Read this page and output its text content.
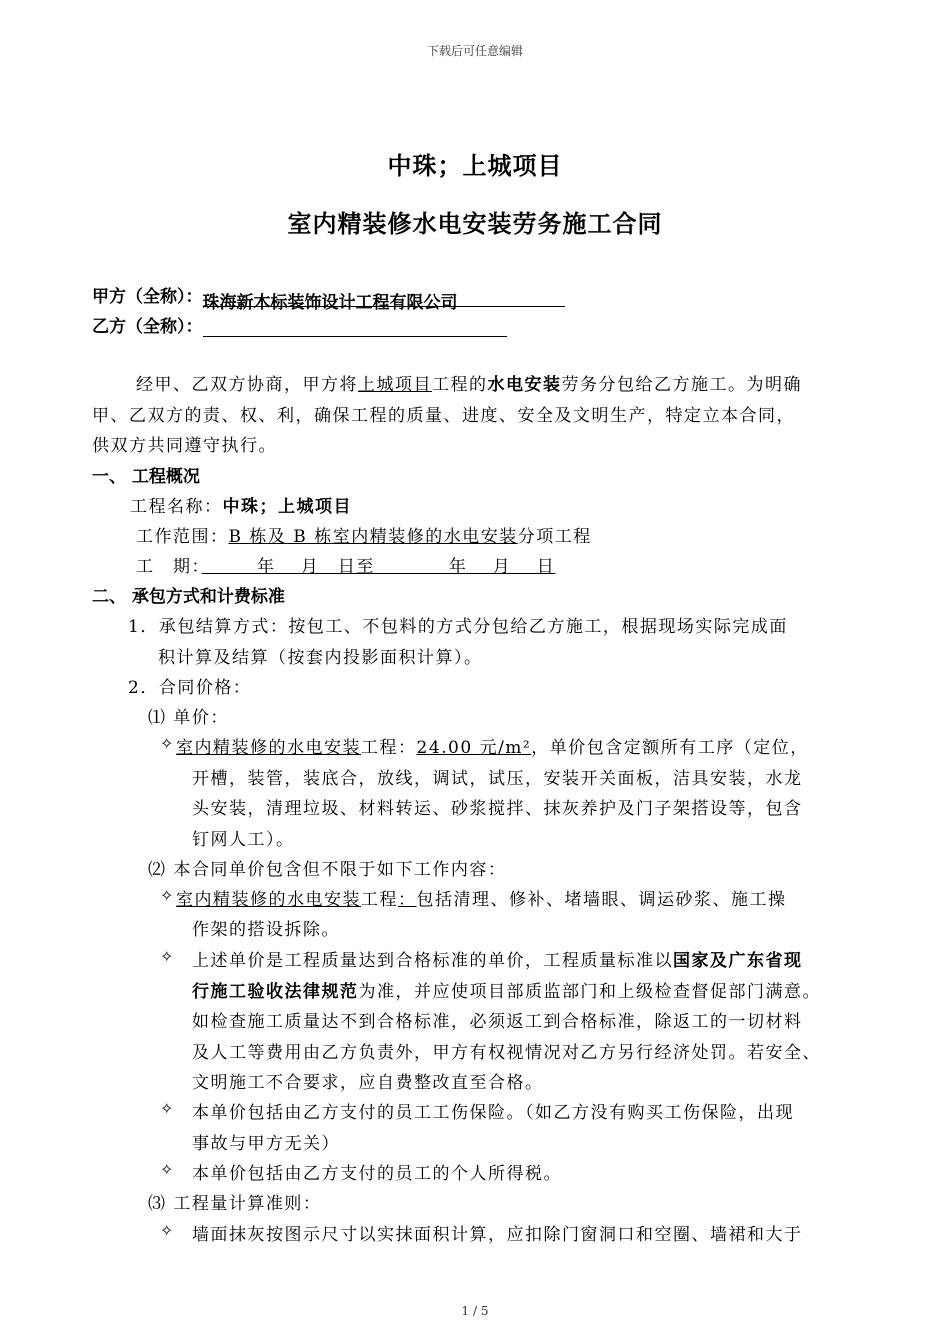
下载后可任意编辑
中珠；上城项目
室内精装修水电安装劳务施工合同
甲方（全称）：珠海新木标装饰设计工程有限公司
乙方（全称）：
经甲、乙双方协商，甲方将上城项目工程的水电安装劳务分包给乙方施工。为明确
甲、乙双方的责、权、利，确保工程的质量、进度、安全及文明生产，特定立本合同，
供双方共同遵守执行。
一、 工程概况
工程名称：中珠；上城项目
工作范围：B 栋及 B 栋室内精装修的水电安装分项工程
工　期：　　　年　 月　日至　　　　年　 月　 日
二、 承包方式和计费标准
1．承包结算方式：按包工、不包料的方式分包给乙方施工，根据现场实际完成面
积计算及结算（按套内投影面积计算）。
2．合同价格：
⑴ 单价：
✧ 室内精装修的水电安装工程：24.00 元/m²，单价包含定额所有工序（定位，
开槽，装管，装底合，放线，调试，试压，安装开关面板，洁具安装，水龙
头安装，清理垃圾、材料转运、砂浆搅拌、抹灰养护及门子架搭设等，包含
钉网人工）。
⑵ 本合同单价包含但不限于如下工作内容：
✧ 室内精装修的水电安装工程：包括清理、修补、堵墙眼、调运砂浆、施工操
作架的搭设拆除。
✧ 上述单价是工程质量达到合格标准的单价，工程质量标准以国家及广东省现
行施工验收法律规范为准，并应使项目部质监部门和上级检查督促部门满意。
如检查施工质量达不到合格标准，必须返工到合格标准，除返工的一切材料
及人工等费用由乙方负责外，甲方有权视情况对乙方另行经济处罚。若安全、
文明施工不合要求，应自费整改直至合格。
✧ 本单价包括由乙方支付的员工工伤保险。（如乙方没有购买工伤保险，出现
事故与甲方无关）
✧ 本单价包括由乙方支付的员工的个人所得税。
⑶ 工程量计算准则：
✧ 墙面抹灰按图示尺寸以实抹面积计算，应扣除门窗洞口和空圈、墙裙和大于
1 / 5
